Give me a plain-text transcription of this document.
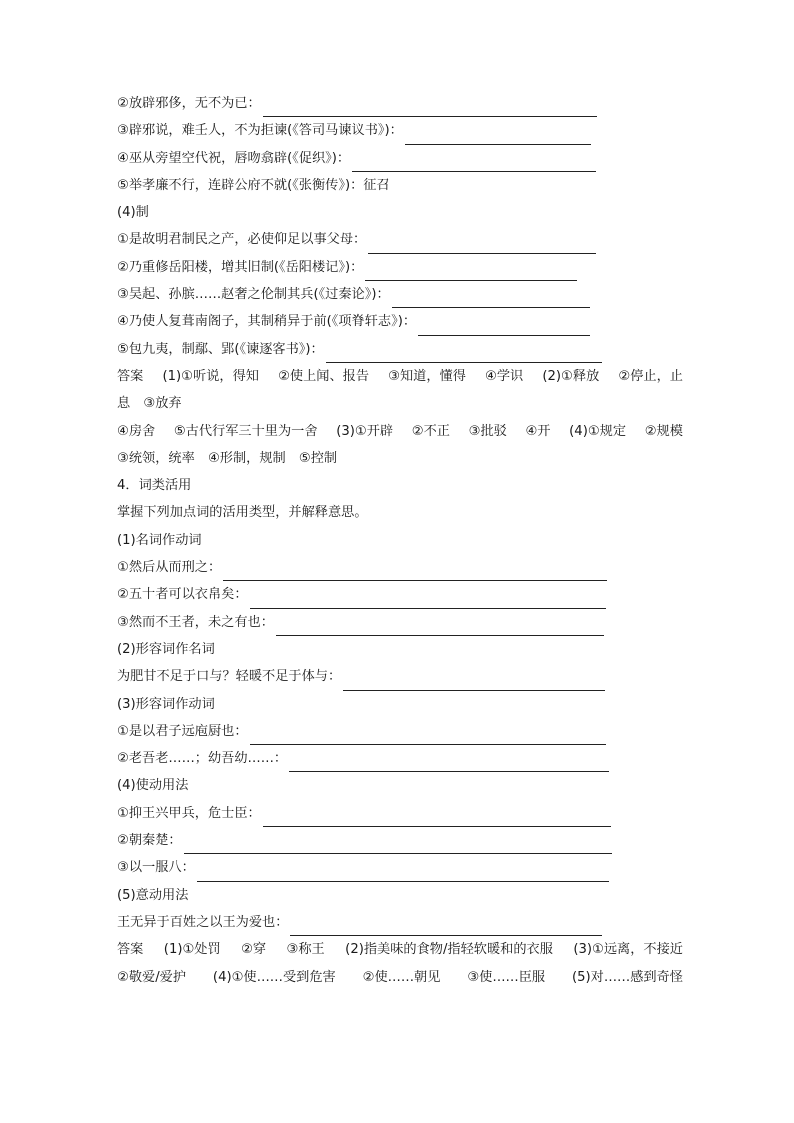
②放辟邪侈，无不为已：
③辟邪说，难壬人，不为拒谏(《答司马谏议书》)：
④巫从旁望空代祝，唇吻翕辟(《促织》)：
⑤举孝廉不行，连辟公府不就(《张衡传》)：征召
(4)制
①是故明君制民之产，必使仰足以事父母：
②乃重修岳阳楼，增其旧制(《岳阳楼记》)：
③吴起、孙膑……赵奢之伦制其兵(《过秦论》)：
④乃使人复葺南阁子，其制稍异于前(《项脊轩志》)：
⑤包九夷，制鄢、郢(《谏逐客书》)：
答案 (1)①听说，得知 ②使上闻、报告 ③知道，懂得 ④学识 (2)①释放 ②停止，止
息　③放弃
④房舍 ⑤古代行军三十里为一舍 (3)①开辟 ②不正 ③批驳 ④开 (4)①规定 ②规模
③统领，统率　④形制，规制　⑤控制
4．词类活用
掌握下列加点词的活用类型，并解释意思。
(1)名词作动词
①然后从而刑之：
②五十者可以衣帛矣：
③然而不王者，未之有也：
(2)形容词作名词
为肥甘不足于口与？轻暖不足于体与：
(3)形容词作动词
①是以君子远庖厨也：
②老吾老……；幼吾幼……：
(4)使动用法
①抑王兴甲兵，危士臣：
②朝秦楚：
③以一服八：
(5)意动用法
王无异于百姓之以王为爱也：
答案 (1)①处罚 ②穿 ③称王 (2)指美味的食物/指轻软暖和的衣服 (3)①远离，不接近
②敬爱/爱护 (4)①使……受到危害 ②使……朝见 ③使……臣服 (5)对……感到奇怪
